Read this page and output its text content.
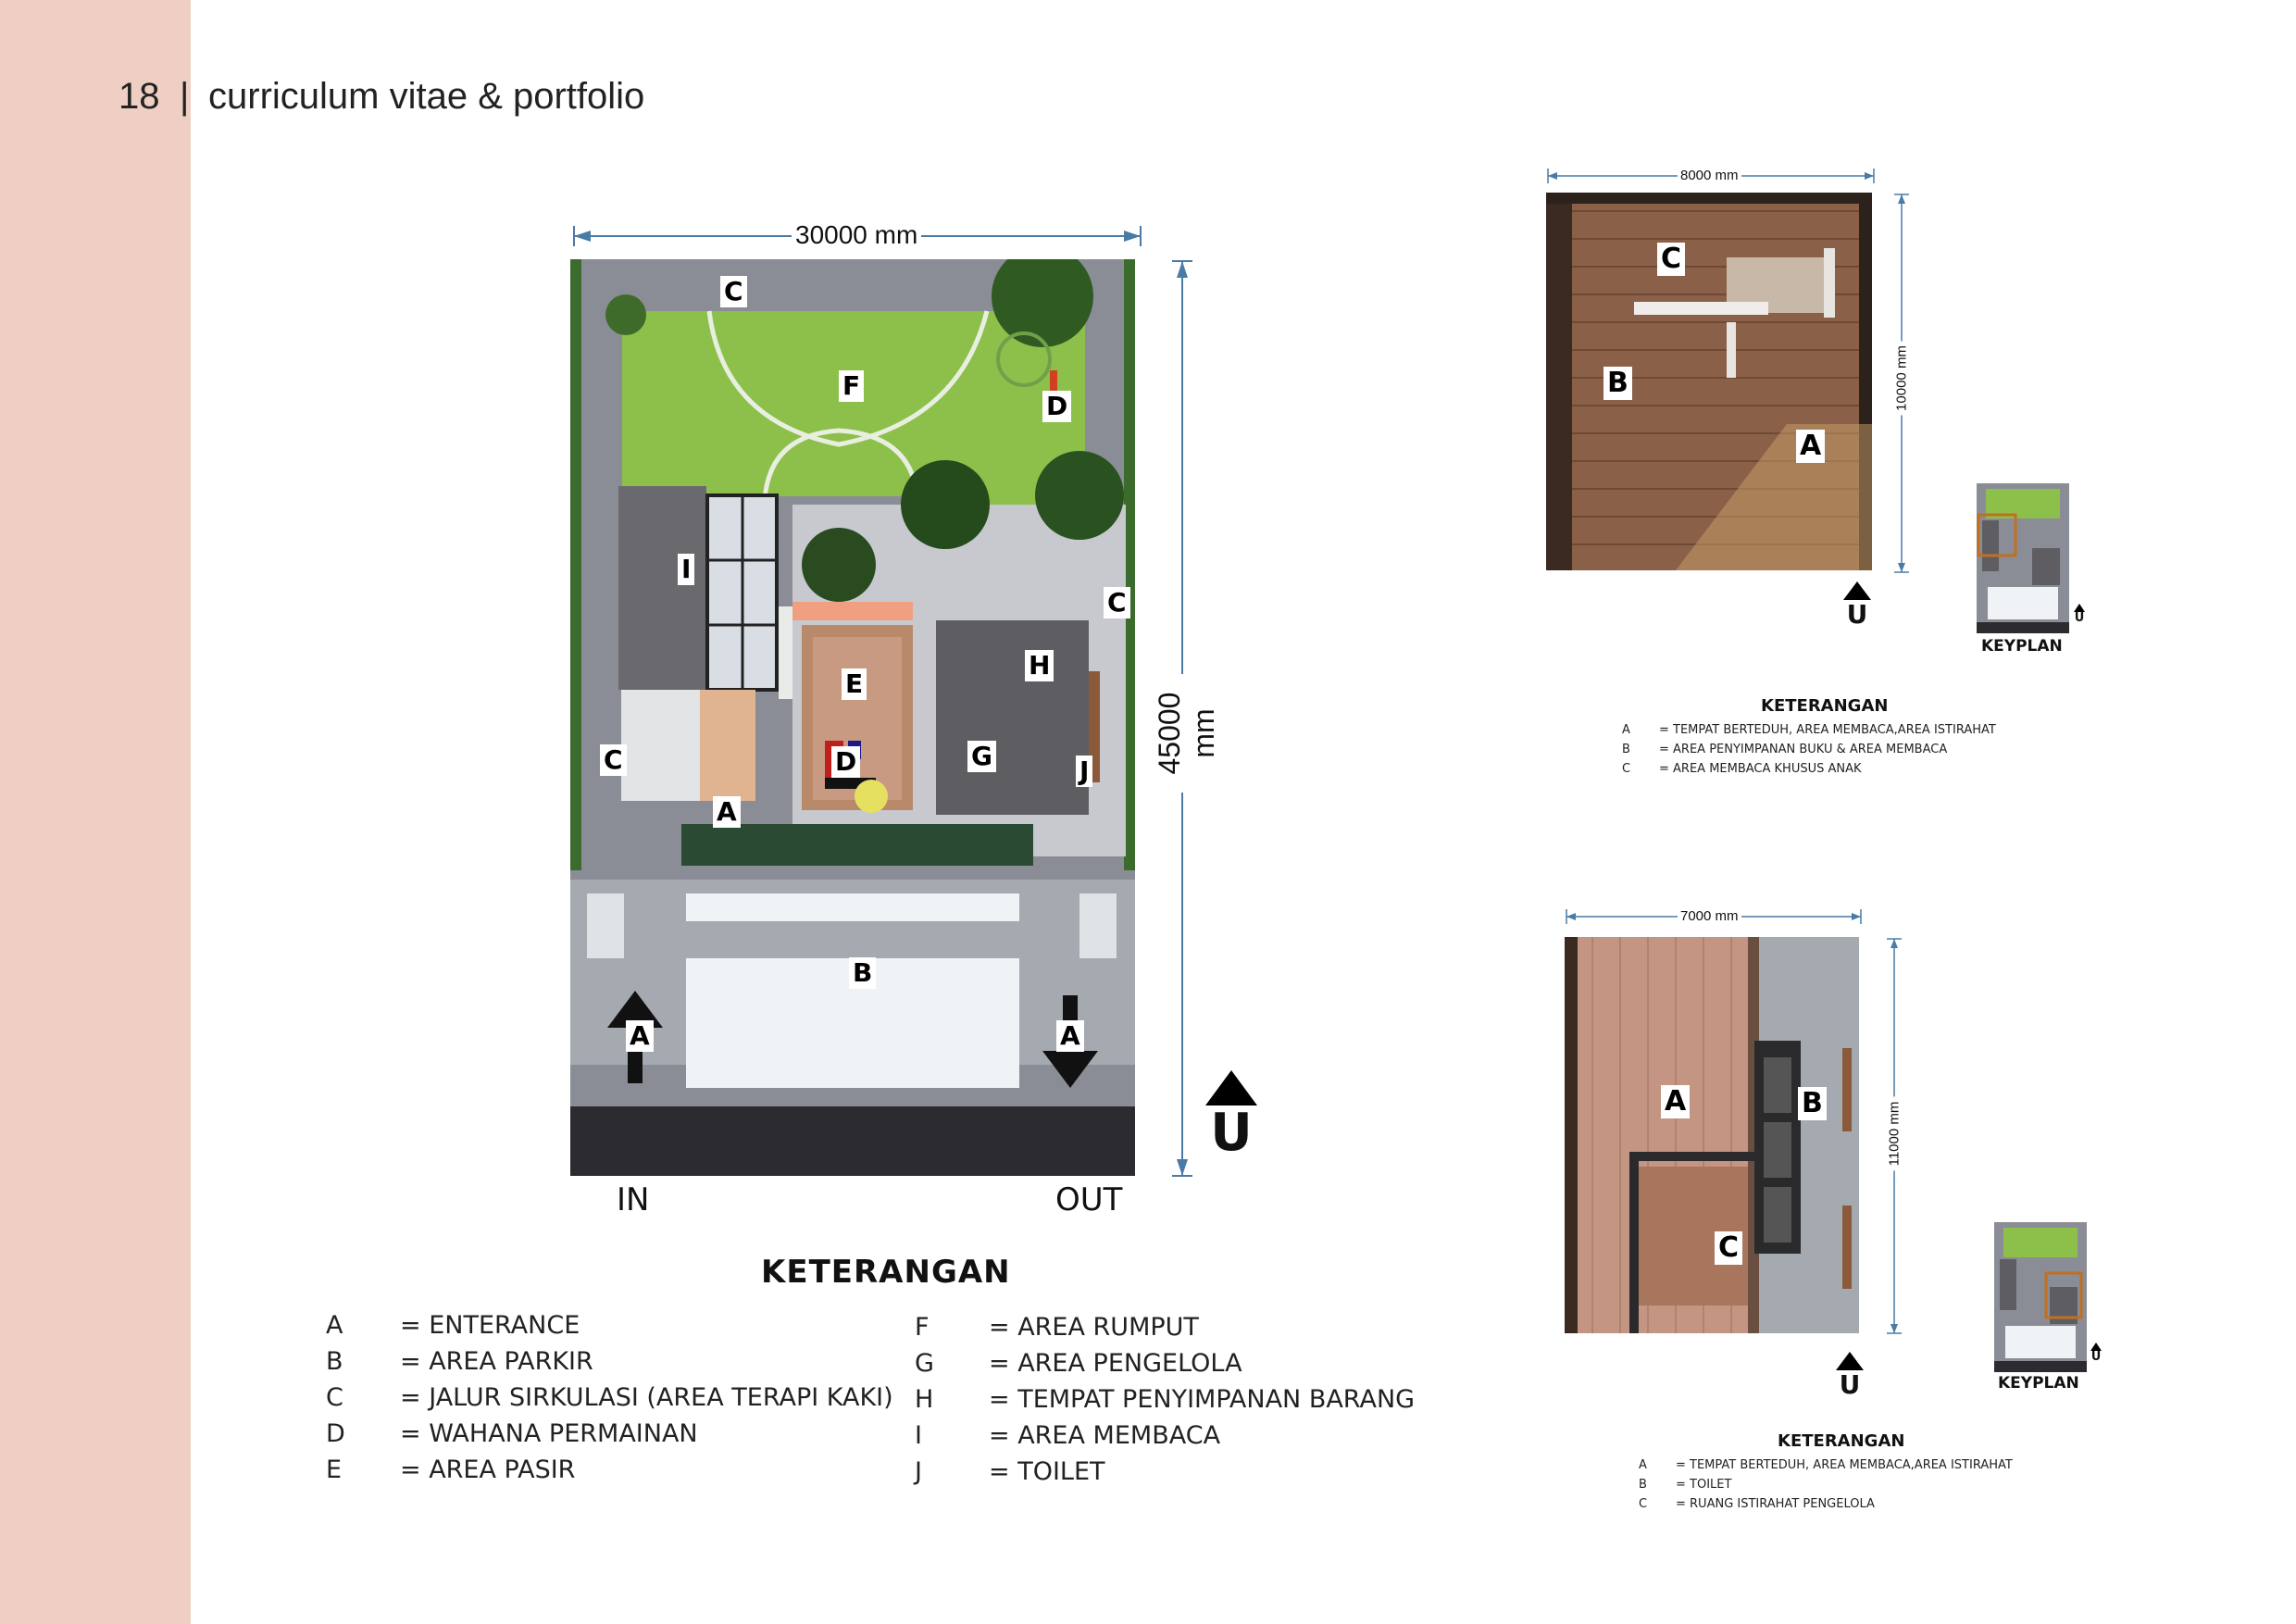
18 | curriculum vitae & portfolio
30000 mm
45000 mm
C
F
D
I
C
H
E
C	D	G	J
A
B
A	A
IN	OUT
U
KETERANGAN
A	= ENTERANCE
B	= AREA PARKIR
C	= JALUR SIRKULASI (AREA TERAPI KAKI)
D	= WAHANA PERMAINAN
E	= AREA PASIR
F	= AREA RUMPUT
G	= AREA PENGELOLA
H	= TEMPAT PENYIMPANAN BARANG
I	= AREA MEMBACA
J	= TOILET
8000 mm
C
B
A
10000 mm
U	U
KEYPLAN
KETERANGAN
A	= TEMPAT BERTEDUH, AREA MEMBACA,AREA ISTIRAHAT
B	= AREA PENYIMPANAN BUKU & AREA MEMBACA
C	= AREA MEMBACA KHUSUS ANAK
7000 mm
A	B
C
11000 mm
U
U
KEYPLAN
KETERANGAN
A	= TEMPAT BERTEDUH, AREA MEMBACA,AREA ISTIRAHAT
B	= TOILET
C	= RUANG ISTIRAHAT PENGELOLA
